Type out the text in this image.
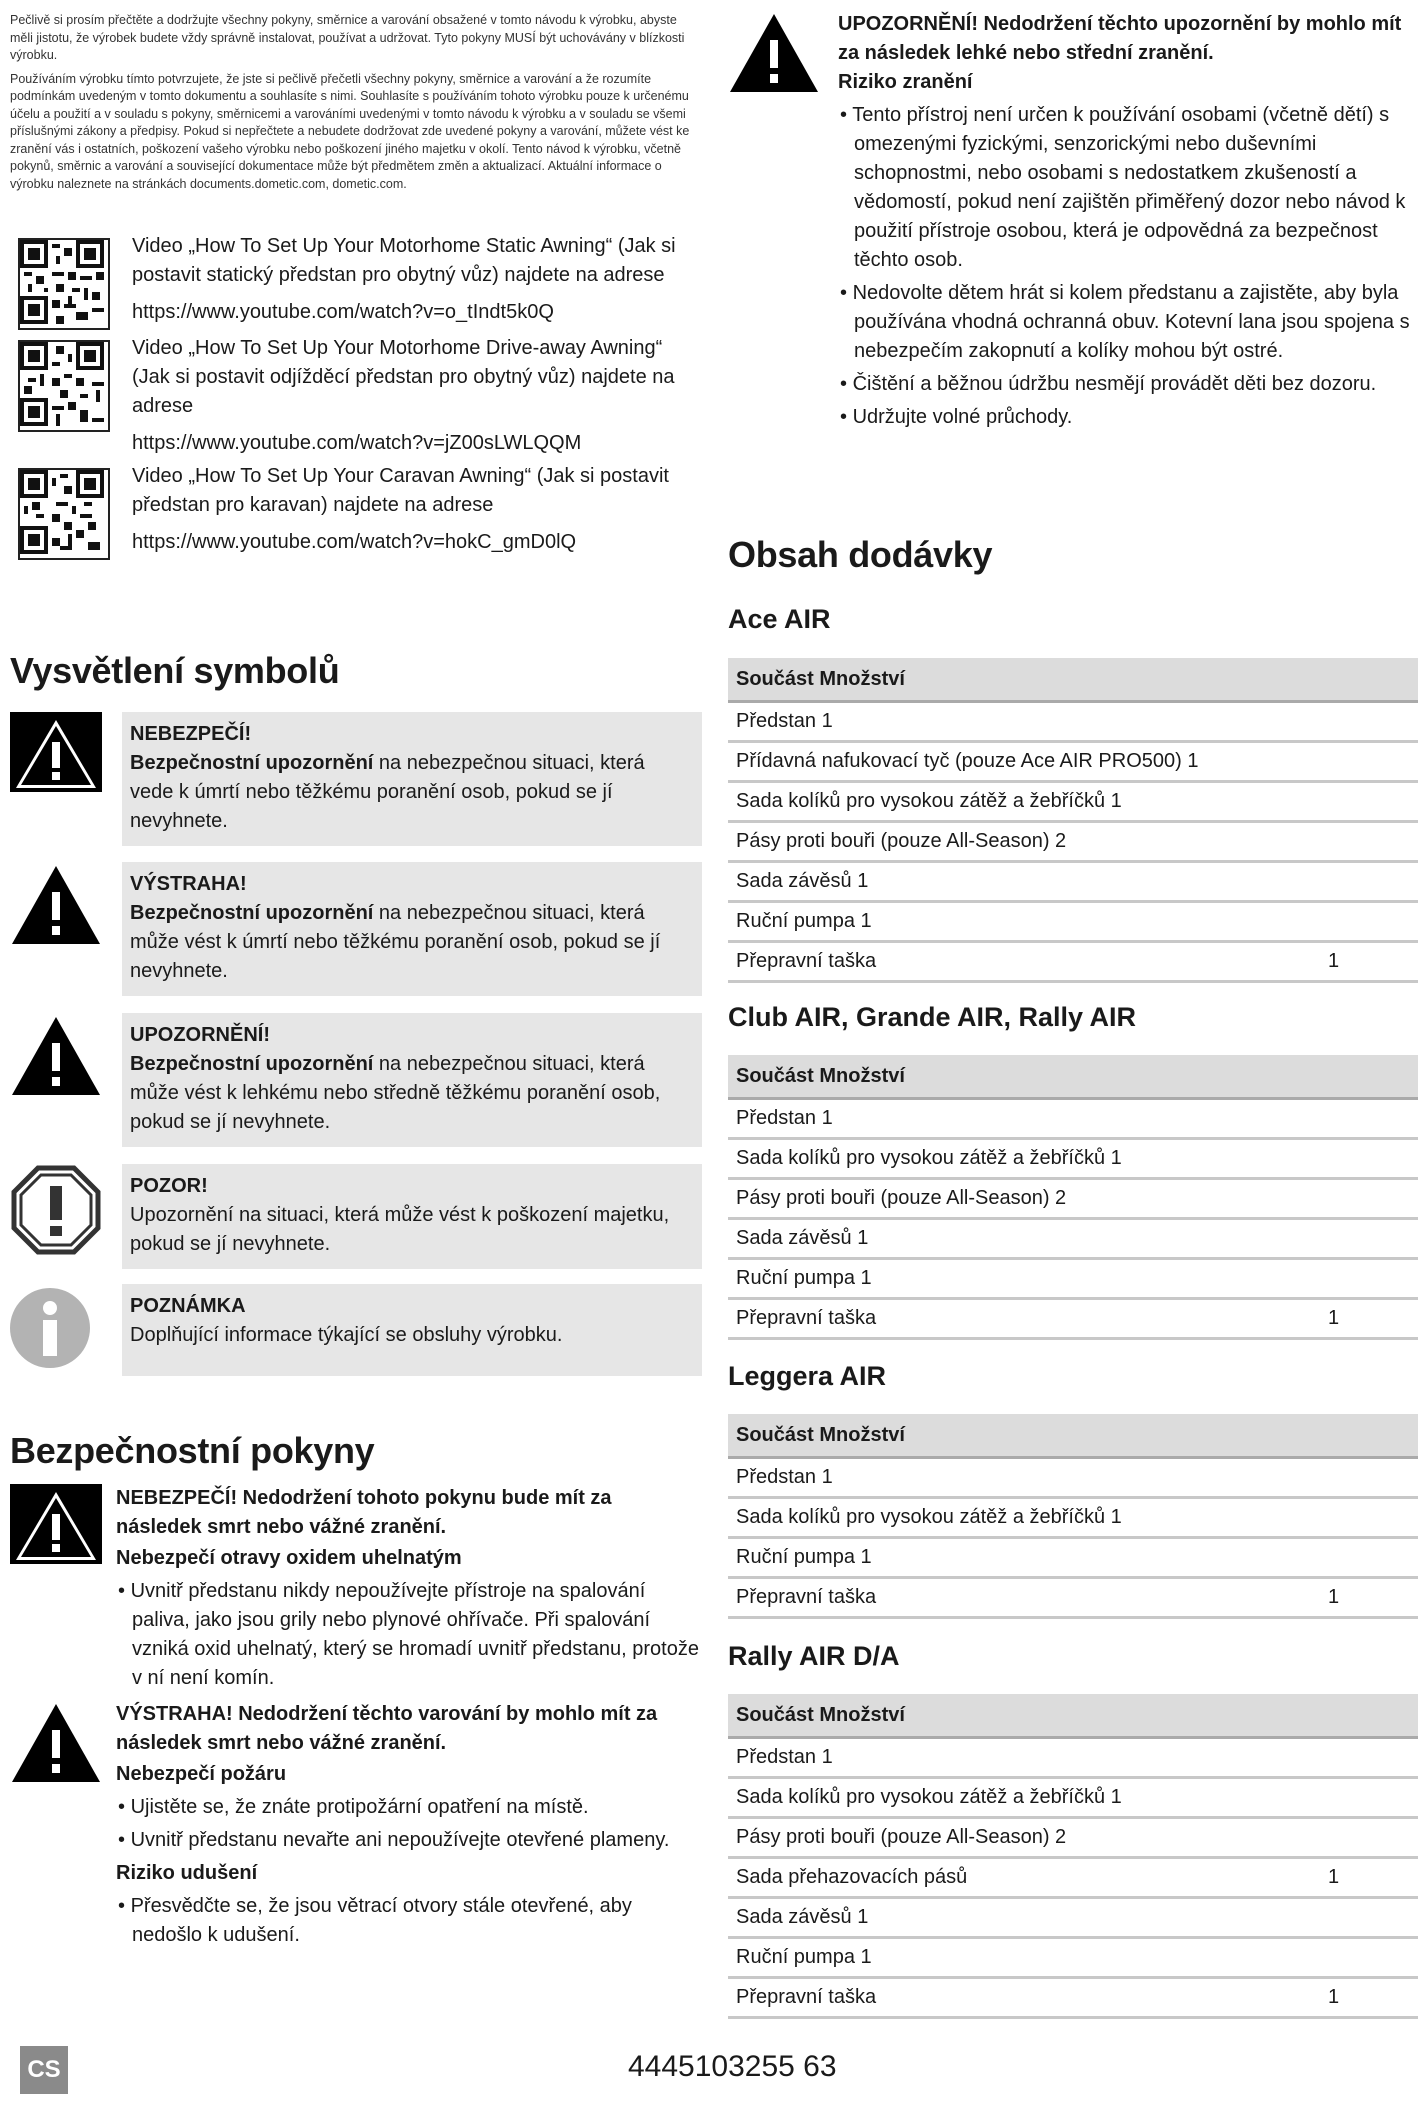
Pečlivě si prosím přečtěte a dodržujte všechny pokyny, směrnice a varování obsažené v tomto návodu k výrobku, abyste měli jistotu, že výrobek budete vždy správně instalovat, používat a udržovat. Tyto pokyny MUSÍ být uchovávány v blízkosti výrobku.

Používáním výrobku tímto potvrzujete, že jste si pečlivě přečetli všechny pokyny, směrnice a varování a že rozumíte podmínkám uvedeným v tomto dokumentu a souhlasíte s nimi. Souhlasíte s používáním tohoto výrobku pouze k určenému účelu a použití a v souladu s pokyny, směrnicemi a varováními uvedenými v tomto návodu k výrobku a v souladu se všemi příslušnými zákony a předpisy. Pokud si nepřečtete a nebudete dodržovat zde uvedené pokyny a varování, můžete vést ke zranění vás i ostatních, poškození vašeho výrobku nebo poškození jiného majetku v okolí. Tento návod k výrobku, včetně pokynů, směrnic a varování a související dokumentace může být předmětem změn a aktualizací. Aktuální informace o výrobku naleznete na stránkách documents.dometic.com, dometic.com.

Video „How To Set Up Your Motorhome Static Awning“ (Jak si postavit statický předstan pro obytný vůz) najdete na adrese
https://www.youtube.com/watch?v=o_tIndt5k0Q
Video „How To Set Up Your Motorhome Drive-away Awning“ (Jak si postavit odjížděcí předstan pro obytný vůz) najdete na adrese
https://www.youtube.com/watch?v=jZ00sLWLQQM
Video „How To Set Up Your Caravan Awning“ (Jak si postavit předstan pro karavan) najdete na adrese
https://www.youtube.com/watch?v=hokC_gmD0lQ
Vysvětlení symbolů
NEBEZPEČÍ!
Bezpečnostní upozornění na nebezpečnou situaci, která vede k úmrtí nebo těžkému poranění osob, pokud se jí nevyhnete.
VÝSTRAHA!
Bezpečnostní upozornění na nebezpečnou situaci, která může vést k úmrtí nebo těžkému poranění osob, pokud se jí nevyhnete.
UPOZORNĚNÍ!
Bezpečnostní upozornění na nebezpečnou situaci, která může vést k lehkému nebo středně těžkému poranění osob, pokud se jí nevyhnete.
POZOR!
Upozornění na situaci, která může vést k poškození majetku, pokud se jí nevyhnete.
POZNÁMKA
Doplňující informace týkající se obsluhy výrobku.
Bezpečnostní pokyny
NEBEZPEČÍ! Nedodržení tohoto pokynu bude mít za následek smrt nebo vážné zranění.
Nebezpečí otravy oxidem uhelnatým
• Uvnitř předstanu nikdy nepoužívejte přístroje na spalování paliva, jako jsou grily nebo plynové ohřívače. Při spalování vzniká oxid uhelnatý, který se hromadí uvnitř předstanu, protože v ní není komín.
VÝSTRAHA! Nedodržení těchto varování by mohlo mít za následek smrt nebo vážné zranění.
Nebezpečí požáru
• Ujistěte se, že znáte protipožární opatření na místě.
• Uvnitř předstanu nevařte ani nepoužívejte otevřené plameny.
Riziko udušení
• Přesvědčte se, že jsou větrací otvory stále otevřené, aby nedošlo k udušení.
CS
UPOZORNĚNÍ! Nedodržení těchto upozornění by mohlo mít za následek lehké nebo střední zranění.
Riziko zranění
• Tento přístroj není určen k používání osobami (včetně dětí) s omezenými fyzickými, senzorickými nebo duševními schopnostmi, nebo osobami s nedostatkem zkušeností a vědomostí, pokud není zajištěn přiměřený dozor nebo návod k použití přístroje osobou, která je odpovědná za bezpečnost těchto osob.
• Nedovolte dětem hrát si kolem předstanu a zajistěte, aby byla používána vhodná ochranná obuv. Kotevní lana jsou spojena s nebezpečím zakopnutí a kolíky mohou být ostré.
• Čištění a běžnou údržbu nesmějí provádět děti bez dozoru.
• Udržujte volné průchody.
Obsah dodávky
Ace AIR
Součást Množství
Předstan 1
Přídavná nafukovací tyč (pouze Ace AIR PRO500) 1
Sada kolíků pro vysokou zátěž a žebříčků 1
Pásy proti bouři (pouze All-Season) 2
Sada závěsů 1
Ruční pumpa 1
Přepravní taška	1
Club AIR, Grande AIR, Rally AIR
Součást Množství
Předstan 1
Sada kolíků pro vysokou zátěž a žebříčků 1
Pásy proti bouři (pouze All-Season) 2
Sada závěsů 1
Ruční pumpa 1
Přepravní taška	1
Leggera AIR
Součást Množství
Předstan 1
Sada kolíků pro vysokou zátěž a žebříčků 1
Ruční pumpa 1
Přepravní taška	1
Rally AIR D/A
Součást Množství
Předstan 1
Sada kolíků pro vysokou zátěž a žebříčků 1
Pásy proti bouři (pouze All-Season) 2
Sada přehazovacích pásů	1
Sada závěsů 1
Ruční pumpa 1
Přepravní taška	1
4445103255 63
